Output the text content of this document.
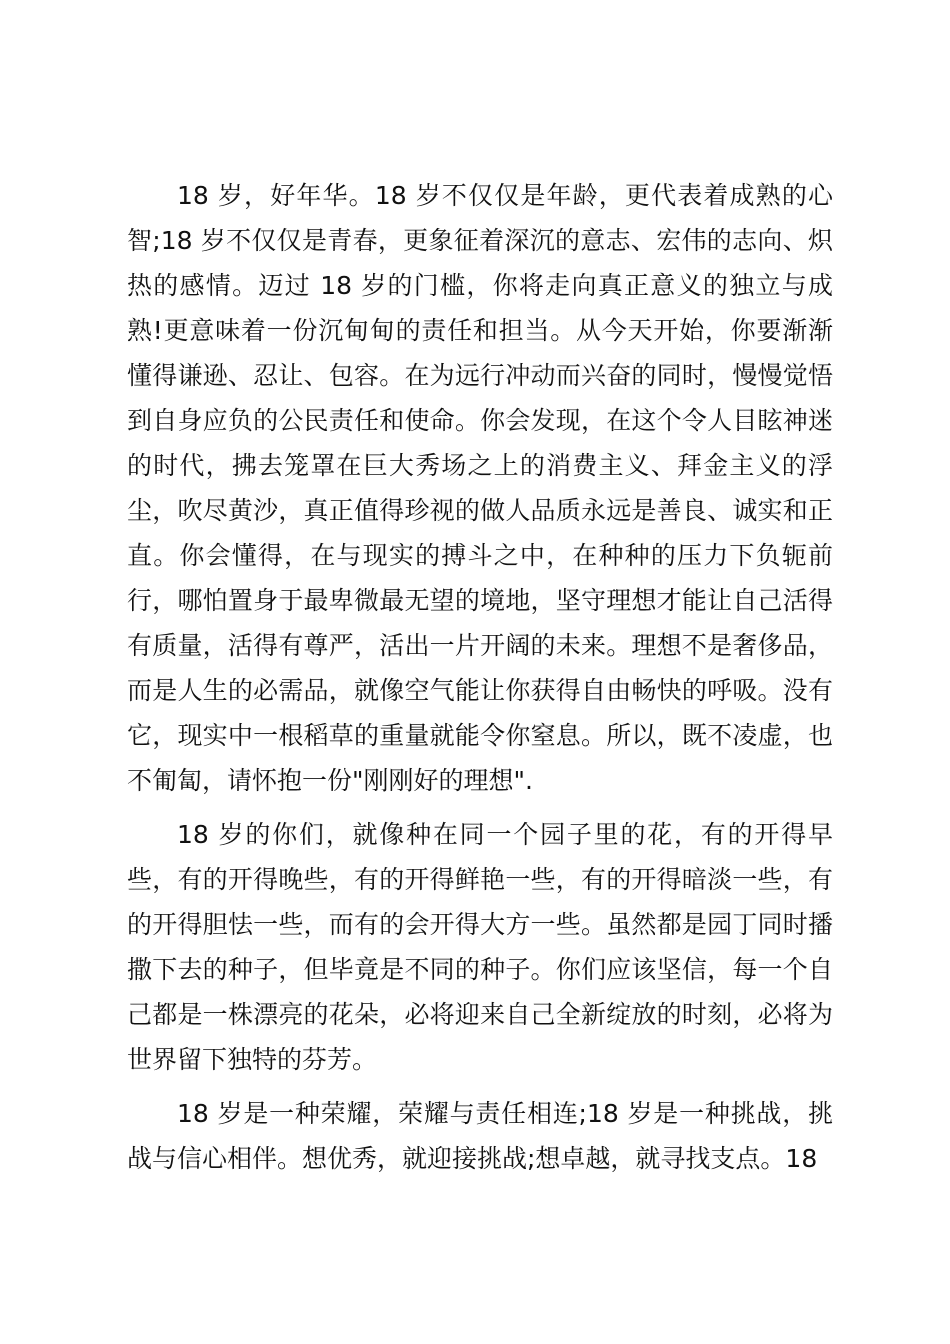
18 岁，好年华。18 岁不仅仅是年龄，更代表着成熟的心智;18 岁不仅仅是青春，更象征着深沉的意志、宏伟的志向、炽热的感情。迈过 18 岁的门槛，你将走向真正意义的独立与成熟!更意味着一份沉甸甸的责任和担当。从今天开始，你要渐渐懂得谦逊、忍让、包容。在为远行冲动而兴奋的同时，慢慢觉悟到自身应负的公民责任和使命。你会发现，在这个令人目眩神迷的时代，拂去笼罩在巨大秀场之上的消费主义、拜金主义的浮尘，吹尽黄沙，真正值得珍视的做人品质永远是善良、诚实和正直。你会懂得，在与现实的搏斗之中，在种种的压力下负轭前行，哪怕置身于最卑微最无望的境地，坚守理想才能让自己活得有质量，活得有尊严，活出一片开阔的未来。理想不是奢侈品，而是人生的必需品，就像空气能让你获得自由畅快的呼吸。没有它，现实中一根稻草的重量就能令你窒息。所以，既不凌虚，也不匍匐，请怀抱一份"刚刚好的理想".

18 岁的你们，就像种在同一个园子里的花，有的开得早些，有的开得晚些，有的开得鲜艳一些，有的开得暗淡一些，有的开得胆怯一些，而有的会开得大方一些。虽然都是园丁同时播撒下去的种子，但毕竟是不同的种子。你们应该坚信，每一个自己都是一株漂亮的花朵，必将迎来自己全新绽放的时刻，必将为世界留下独特的芬芳。

18 岁是一种荣耀，荣耀与责任相连;18 岁是一种挑战，挑战与信心相伴。想优秀，就迎接挑战;想卓越，就寻找支点。18
